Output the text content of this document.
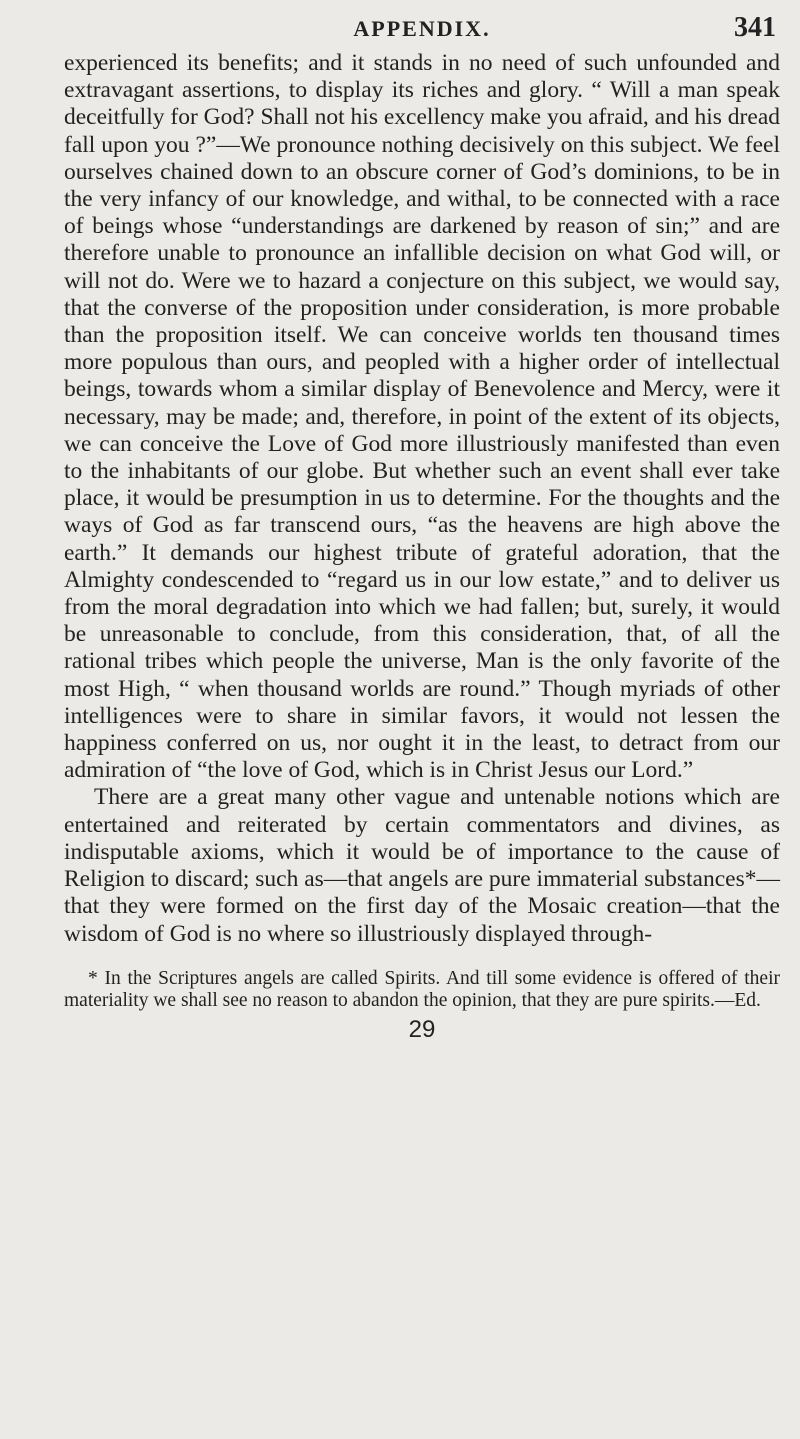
APPENDIX.	341

experienced its benefits; and it stands in no need of such unfounded and extravagant assertions, to display its riches and glory. “ Will a man speak deceitfully for God? Shall not his excellency make you afraid, and his dread fall upon you ?”—We pronounce nothing decisively on this subject. We feel ourselves chained down to an obscure corner of God’s dominions, to be in the very infancy of our knowledge, and withal, to be connected with a race of beings whose “understandings are darkened by reason of sin;” and are therefore unable to pronounce an infallible decision on what God will, or will not do. Were we to hazard a conjecture on this subject, we would say, that the converse of the proposition under consideration, is more probable than the proposition itself. We can conceive worlds ten thousand times more populous than ours, and peopled with a higher order of intellectual beings, towards whom a similar display of Benevolence and Mercy, were it necessary, may be made; and, therefore, in point of the extent of its objects, we can conceive the Love of God more illustriously manifested than even to the inhabitants of our globe. But whether such an event shall ever take place, it would be presumption in us to determine. For the thoughts and the ways of God as far transcend ours, “as the heavens are high above the earth.” It demands our highest tribute of grateful adoration, that the Almighty condescended to “regard us in our low estate,” and to deliver us from the moral degradation into which we had fallen; but, surely, it would be unreasonable to conclude, from this consideration, that, of all the rational tribes which people the universe, Man is the only favorite of the most High, “ when thousand worlds are round.” Though myriads of other intelligences were to share in similar favors, it would not lessen the happiness conferred on us, nor ought it in the least, to detract from our admiration of “the love of God, which is in Christ Jesus our Lord.”

There are a great many other vague and untenable notions which are entertained and reiterated by certain commentators and divines, as indisputable axioms, which it would be of importance to the cause of Religion to discard; such as—that angels are pure immaterial substances*—that they were formed on the first day of the Mosaic creation—that the wisdom of God is no where so illustriously displayed through-

* In the Scriptures angels are called Spirits. And till some evidence is offered of their materiality we shall see no reason to abandon the opinion, that they are pure spirits.—Ed.
29
